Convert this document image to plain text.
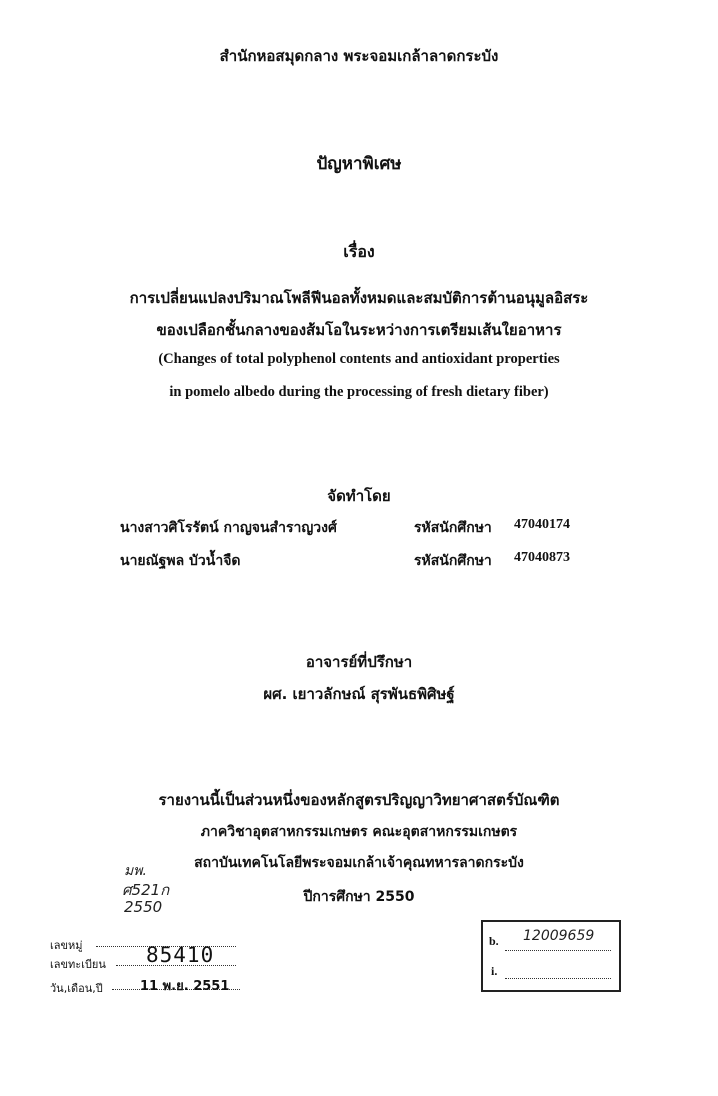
สำนักหอสมุดกลาง พระจอมเกล้าลาดกระบัง
ปัญหาพิเศษ
เรื่อง
การเปลี่ยนแปลงปริมาณโพลีฟีนอลทั้งหมดและสมบัติการต้านอนุมูลอิสระ
ของเปลือกชั้นกลางของส้มโอในระหว่างการเตรียมเส้นใยอาหาร
(Changes of total polyphenol contents and antioxidant properties
in pomelo albedo during the processing of fresh dietary fiber)
จัดทำโดย
นางสาวศิโรรัตน์ กาญจนสำราญวงศ์	รหัสนักศึกษา 47040174
นายณัฐพล บัวน้ำจืด	รหัสนักศึกษา 47040873
อาจารย์ที่ปรึกษา
ผศ. เยาวลักษณ์ สุรพันธพิศิษฐ์
รายงานนี้เป็นส่วนหนึ่งของหลักสูตรปริญญาวิทยาศาสตร์บัณฑิต
ภาควิชาอุตสาหกรรมเกษตร คณะอุตสาหกรรมเกษตร
สถาบันเทคโนโลยีพระจอมเกล้าเจ้าคุณทหารลาดกระบัง
ปีการศึกษา 2550
มพ.
ศ521ก
2550
เลขหมู่
เลขทะเบียน 85410
วัน,เดือน,ปี	11 พ.ย. 2551
b. 12009659
i.
